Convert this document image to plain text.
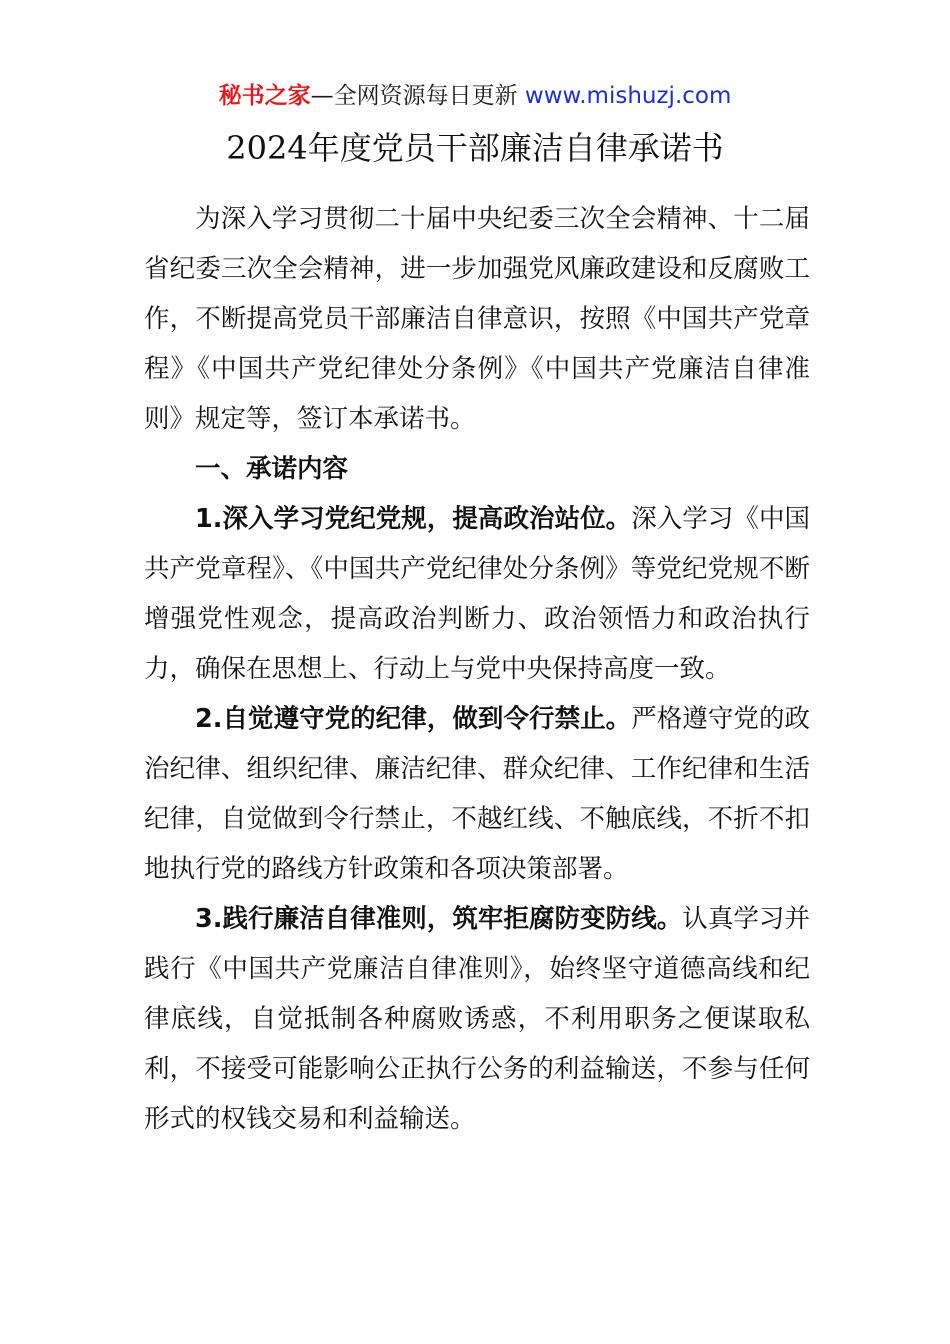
秘书之家—全网资源每日更新 www.mishuzj.com
2024年度党员干部廉洁自律承诺书

为深入学习贯彻二十届中央纪委三次全会精神、十二届省纪委三次全会精神，进一步加强党风廉政建设和反腐败工作，不断提高党员干部廉洁自律意识，按照《中国共产党章程》《中国共产党纪律处分条例》《中国共产党廉洁自律准则》规定等，签订本承诺书。

一、承诺内容

1.深入学习党纪党规，提高政治站位。深入学习《中国共产党章程》、《中国共产党纪律处分条例》等党纪党规不断增强党性观念，提高政治判断力、政治领悟力和政治执行力，确保在思想上、行动上与党中央保持高度一致。

2.自觉遵守党的纪律，做到令行禁止。严格遵守党的政治纪律、组织纪律、廉洁纪律、群众纪律、工作纪律和生活纪律，自觉做到令行禁止，不越红线、不触底线，不折不扣地执行党的路线方针政策和各项决策部署。

3.践行廉洁自律准则，筑牢拒腐防变防线。认真学习并践行《中国共产党廉洁自律准则》，始终坚守道德高线和纪律底线，自觉抵制各种腐败诱惑，不利用职务之便谋取私利，不接受可能影响公正执行公务的利益输送，不参与任何形式的权钱交易和利益输送。
